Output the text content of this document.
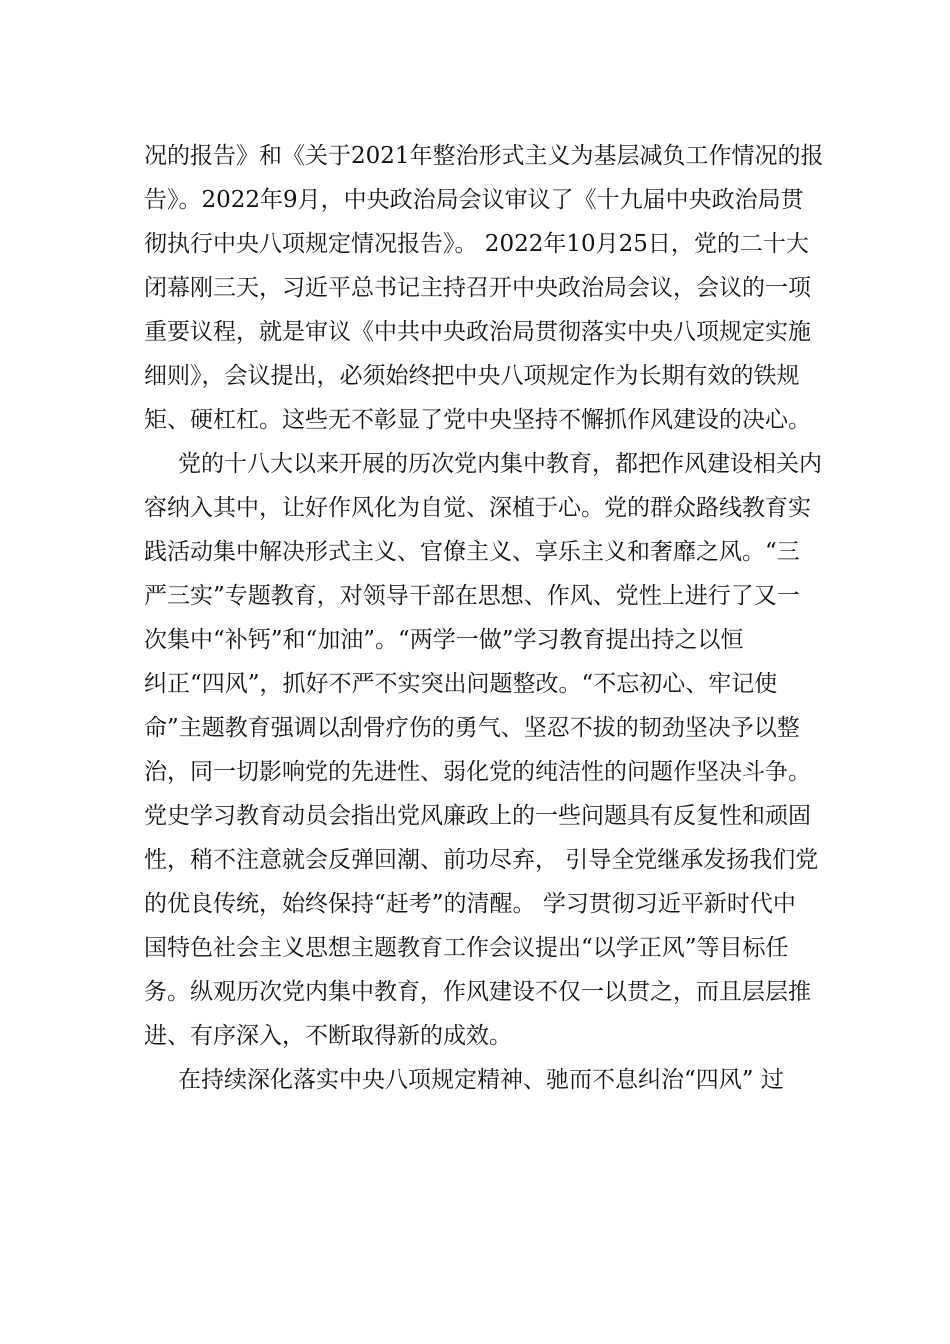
况的报告》和《关于2021年整治形式主义为基层减负工作情况的报
告》。2022年9月，中央政治局会议审议了《十九届中央政治局贯
彻执行中央八项规定情况报告》。 2022年10月25日，党的二十大
闭幕刚三天，习近平总书记主持召开中央政治局会议，会议的一项
重要议程，就是审议《中共中央政治局贯彻落实中央八项规定实施
细则》，会议提出，必须始终把中央八项规定作为长期有效的铁规
矩、硬杠杠。这些无不彰显了党中央坚持不懈抓作风建设的决心。
党的十八大以来开展的历次党内集中教育，都把作风建设相关内
容纳入其中，让好作风化为自觉、深植于心。党的群众路线教育实
践活动集中解决形式主义、官僚主义、享乐主义和奢靡之风。“三
严三实”专题教育，对领导干部在思想、作风、党性上进行了又一
次集中“补钙”和“加油”。“两学一做”学习教育提出持之以恒
纠正“四风”，抓好不严不实突出问题整改。“不忘初心、牢记使
命”主题教育强调以刮骨疗伤的勇气、坚忍不拔的韧劲坚决予以整
治，同一切影响党的先进性、弱化党的纯洁性的问题作坚决斗争。
党史学习教育动员会指出党风廉政上的一些问题具有反复性和顽固
性，稍不注意就会反弹回潮、前功尽弃， 引导全党继承发扬我们党
的优良传统，始终保持“赶考”的清醒。 学习贯彻习近平新时代中
国特色社会主义思想主题教育工作会议提出“以学正风”等目标任
务。纵观历次党内集中教育，作风建设不仅一以贯之，而且层层推
进、有序深入，不断取得新的成效。
在持续深化落实中央八项规定精神、驰而不息纠治“四风” 过
